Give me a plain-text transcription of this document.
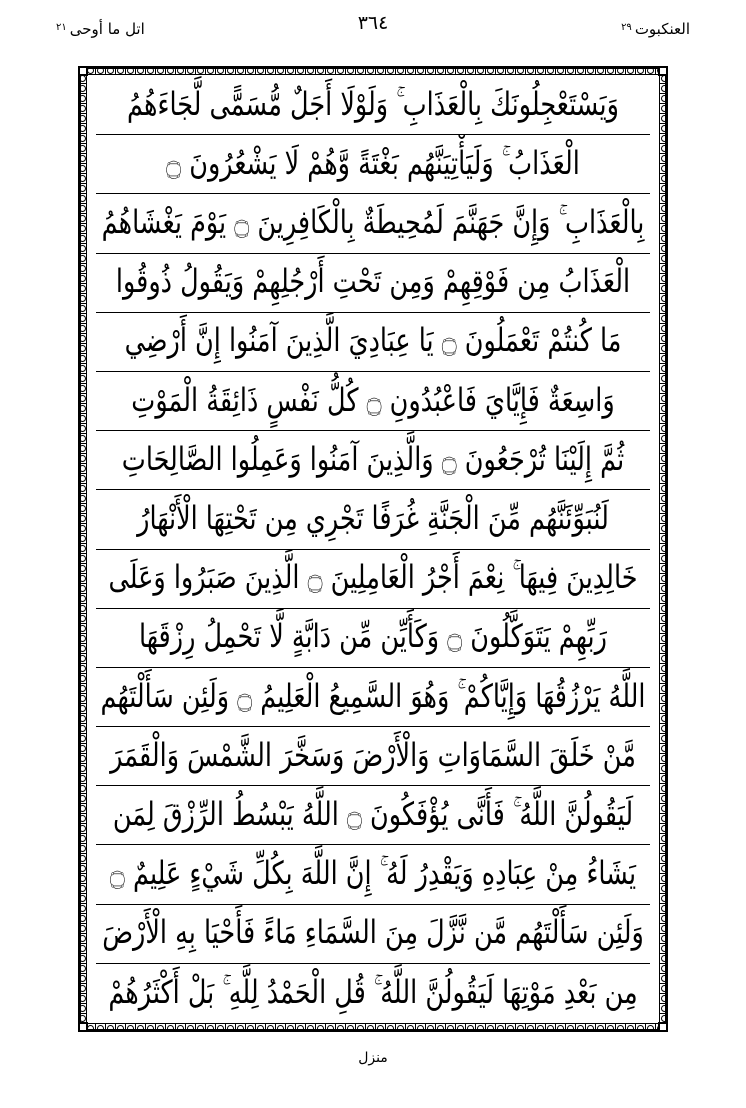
العنكبوت
٢٩
اتل ما أوحى
٢١	٣٦٤
وَيَسْتَعْجِلُونَكَ بِالْعَذَابِ ۚ وَلَوْلَا أَجَلٌ مُّسَمًّى لَّجَاءَهُمُ
الْعَذَابُ ۚ وَلَيَأْتِيَنَّهُم بَغْتَةً وَّهُمْ لَا يَشْعُرُونَ ۝
بِالْعَذَابِ ۚ وَإِنَّ جَهَنَّمَ لَمُحِيطَةٌ بِالْكَافِرِينَ ۝ يَوْمَ يَغْشَاهُمُ
الْعَذَابُ مِن فَوْقِهِمْ وَمِن تَحْتِ أَرْجُلِهِمْ وَيَقُولُ ذُوقُوا
مَا كُنتُمْ تَعْمَلُونَ ۝ يَا عِبَادِيَ الَّذِينَ آمَنُوا إِنَّ أَرْضِي
وَاسِعَةٌ فَإِيَّايَ فَاعْبُدُونِ ۝ كُلُّ نَفْسٍ ذَائِقَةُ الْمَوْتِ
ثُمَّ إِلَيْنَا تُرْجَعُونَ ۝ وَالَّذِينَ آمَنُوا وَعَمِلُوا الصَّالِحَاتِ
لَنُبَوِّئَنَّهُم مِّنَ الْجَنَّةِ غُرَفًا تَجْرِي مِن تَحْتِهَا الْأَنْهَارُ
خَالِدِينَ فِيهَا ۚ نِعْمَ أَجْرُ الْعَامِلِينَ ۝ الَّذِينَ صَبَرُوا وَعَلَى
رَبِّهِمْ يَتَوَكَّلُونَ ۝ وَكَأَيِّن مِّن دَابَّةٍ لَّا تَحْمِلُ رِزْقَهَا
اللَّهُ يَرْزُقُهَا وَإِيَّاكُمْ ۚ وَهُوَ السَّمِيعُ الْعَلِيمُ ۝ وَلَئِن سَأَلْتَهُم
مَّنْ خَلَقَ السَّمَاوَاتِ وَالْأَرْضَ وَسَخَّرَ الشَّمْسَ وَالْقَمَرَ
لَيَقُولُنَّ اللَّهُ ۚ فَأَنَّى يُؤْفَكُونَ ۝ اللَّهُ يَبْسُطُ الرِّزْقَ لِمَن
يَشَاءُ مِنْ عِبَادِهِ وَيَقْدِرُ لَهُ ۚ إِنَّ اللَّهَ بِكُلِّ شَيْءٍ عَلِيمٌ ۝
وَلَئِن سَأَلْتَهُم مَّن نَّزَّلَ مِنَ السَّمَاءِ مَاءً فَأَحْيَا بِهِ الْأَرْضَ
مِن بَعْدِ مَوْتِهَا لَيَقُولُنَّ اللَّهُ ۚ قُلِ الْحَمْدُ لِلَّهِ ۚ بَلْ أَكْثَرُهُمْ
منزل
